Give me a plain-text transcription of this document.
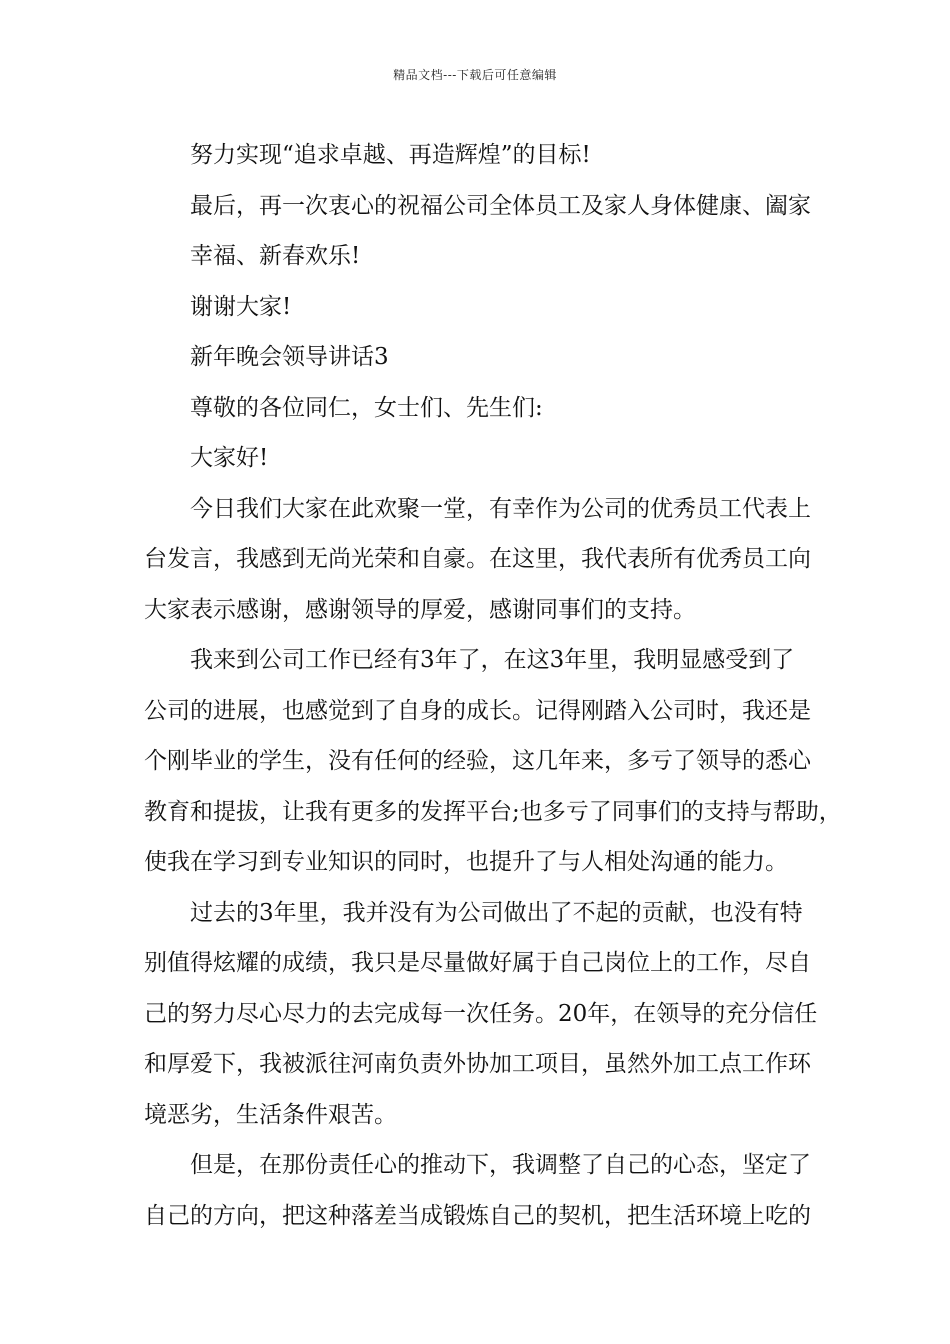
精品文档---下载后可任意编辑
努力实现“追求卓越、再造辉煌”的目标!
最后，再一次衷心的祝福公司全体员工及家人身体健康、阖家
幸福、新春欢乐!
谢谢大家!
新年晚会领导讲话3
尊敬的各位同仁，女士们、先生们:
大家好!
今日我们大家在此欢聚一堂，有幸作为公司的优秀员工代表上
台发言，我感到无尚光荣和自豪。在这里，我代表所有优秀员工向
大家表示感谢，感谢领导的厚爱，感谢同事们的支持。
我来到公司工作已经有3年了，在这3年里，我明显感受到了
公司的进展，也感觉到了自身的成长。记得刚踏入公司时，我还是
个刚毕业的学生，没有任何的经验，这几年来，多亏了领导的悉心
教育和提拔，让我有更多的发挥平台;也多亏了同事们的支持与帮助，
使我在学习到专业知识的同时，也提升了与人相处沟通的能力。
过去的3年里，我并没有为公司做出了不起的贡献，也没有特
别值得炫耀的成绩，我只是尽量做好属于自己岗位上的工作，尽自
己的努力尽心尽力的去完成每一次任务。20年，在领导的充分信任
和厚爱下，我被派往河南负责外协加工项目，虽然外加工点工作环
境恶劣，生活条件艰苦。
但是，在那份责任心的推动下，我调整了自己的心态，坚定了
自己的方向，把这种落差当成锻炼自己的契机，把生活环境上吃的
